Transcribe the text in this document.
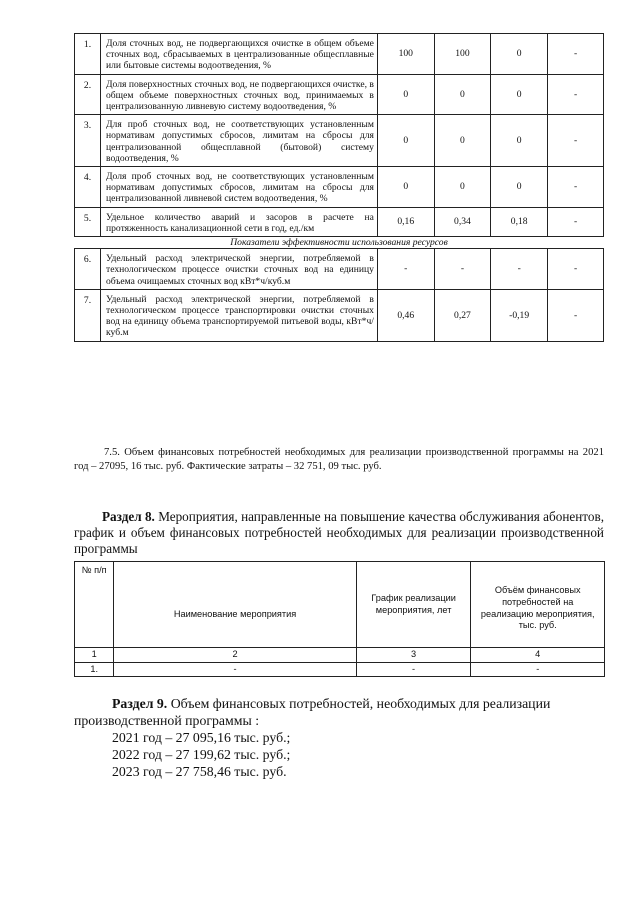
1.	Доля сточных вод, не подвергающихся очистке в общем объеме сточных вод, сбрасываемых в централизованные общесплавные или бытовые системы водоотведения, %	100	100	0	-
2.	Доля поверхностных сточных вод, не подвергающихся очистке, в общем объеме поверхностных сточных вод, принимаемых в централизованную ливневую систему водоотведения, %	0	0	0	-
3.	Для проб сточных вод, не соответствующих установленным нормативам допустимых сбросов, лимитам на сбросы для централизованной общесплавной (бытовой) систему водоотведения, %	0	0	0	-
4.	Доля проб сточных вод, не соответствующих установленным нормативам допустимых сбросов, лимитам на сбросы для централизованной ливневой систем водоотведения, %	0	0	0	-
5.	Удельное количество аварий и засоров в расчете на протяженность канализационной сети в год, ед./км	0,16	0,34	0,18	-
Показатели эффективности использования ресурсов					
6.	Удельный расход электрической энергии, потребляемой в технологическом процессе очистки сточных вод на единицу объема очищаемых сточных вод кВт*ч/куб.м	-	-	-	-
7.	Удельный расход электрической энергии, потребляемой в технологическом процессе транспортировки очистки сточных вод на единицу объема транспортируемой питьевой воды, кВт*ч/куб.м	0,46	0,27	-0,19	-

7.5. Объем финансовых потребностей необходимых для реализации производственной программы на 2021 год – 27095, 16 тыс. руб. Фактические затраты – 32 751, 09 тыс. руб.

Раздел 8. Мероприятия, направленные на повышение качества обслуживания абонентов, график и объем финансовых потребностей необходимых для реализации производственной программы

№ п/п	Наименование мероприятия	График реализации мероприятия, лет	Объём финансовых потребностей на реализацию мероприятия, тыс. руб.
1	2	3	4
1.	-	-	-
Раздел 9. Объем финансовых потребностей, необходимых для реализации производственной программы :
2021 год – 27 095,16 тыс. руб.;
2022 год – 27 199,62 тыс. руб.;
2023 год – 27 758,46 тыс. руб.
